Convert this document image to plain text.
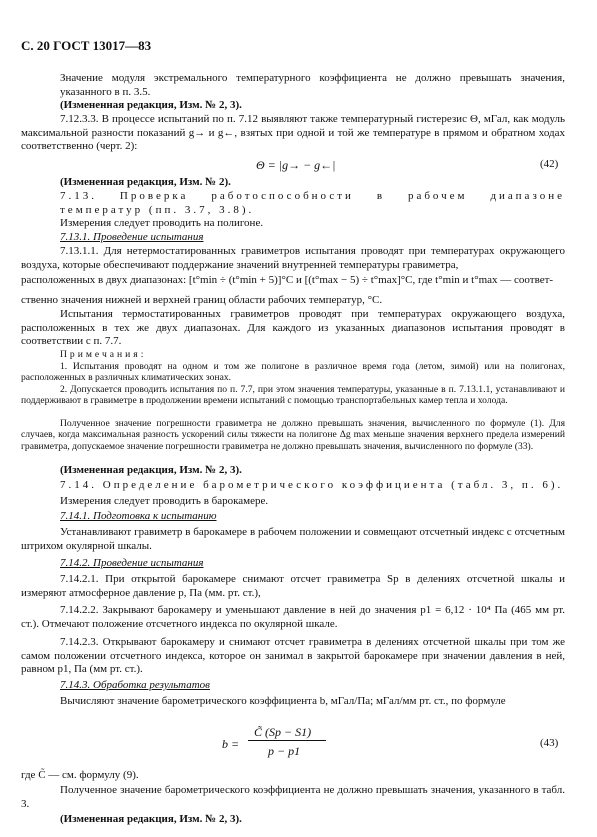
С. 20 ГОСТ 13017—83
Значение модуля экстремального температурного коэффициента не должно превышать значения, указанного в п. 3.5.
(Измененная редакция, Изм. № 2, 3).
7.12.3.3. В процессе испытаний по п. 7.12 выявляют также температурный гистерезис Θ, мГал, как модуль максимальной разности показаний g→ и g←, взятых при одной и той же температуре в прямом и обратном ходах соответственно (черт. 2):
Θ = |g→ − g←|	(42)
(Измененная редакция, Изм. № 2).
7.13. Проверка работоспособности в рабочем диапазоне температур (пп. 3.7, 3.8).
Измерения следует проводить на полигоне.
7.13.1. Проведение испытания
7.13.1.1. Для нетермостатированных гравиметров испытания проводят при температурах окружающего воздуха, которые обеспечивают поддержание значений внутренней температуры гравиметра,
расположенных в двух диапазонах: [t°min ÷ (t°min + 5)]°С и [(t°max − 5) ÷ t°max]°С, где t°min и t°max — соответ-
ственно значения нижней и верхней границ области рабочих температур, °С.
Испытания термостатированных гравиметров проводят при температурах окружающего воздуха, расположенных в тех же двух диапазонах. Для каждого из указанных диапазонов испытания проводят в соответствии с п. 7.7.
Примечания:
1. Испытания проводят на одном и том же полигоне в различное время года (летом, зимой) или на полигонах, расположенных в различных климатических зонах.
2. Допускается проводить испытания по п. 7.7, при этом значения температуры, указанные в п. 7.13.1.1, устанавливают и поддерживают в гравиметре в продолжении времени испытаний с помощью транспортабельных камер тепла и холода.
Полученное значение погрешности гравиметра не должно превышать значения, вычисленного по формуле (1). Для случаев, когда максимальная разность ускорений силы тяжести на полигоне Δg max меньше значения верхнего предела измерений гравиметра, допускаемое значение погрешности гравиметра не должно превышать значения, вычисленного по формуле (33).
(Измененная редакция, Изм. № 2, 3).
7.14. Определение барометрического коэффициента (табл. 3, п. 6).
Измерения следует проводить в барокамере.
7.14.1. Подготовка к испытанию
Устанавливают гравиметр в барокамере в рабочем положении и совмещают отсчетный индекс с отсчетным штрихом окулярной шкалы.
7.14.2. Проведение испытания
7.14.2.1. При открытой барокамере снимают отсчет гравиметра Sp в делениях отсчетной шкалы и измеряют атмосферное давление p, Па (мм. рт. ст.),
7.14.2.2. Закрывают барокамеру и уменьшают давление в ней до значения p1 = 6,12 · 10⁴ Па (465 мм рт. ст.). Отмечают положение отсчетного индекса по окулярной шкале.
7.14.2.3. Открывают барокамеру и снимают отсчет гравиметра в делениях отсчетной шкалы при том же самом положении отсчетного индекса, которое он занимал в закрытой барокамере при значении давления в ней, равном p1, Па (мм рт. ст.).
7.14.3. Обработка результатов
Вычисляют значение барометрического коэффициента b, мГал/Па; мГал/мм рт. ст., по формуле
C̃ (Sp − S1)
b = p − p1
(43)
где C̃ — см. формулу (9).
Полученное значение барометрического коэффициента не должно превышать значения, указанного в табл. 3.
(Измененная редакция, Изм. № 2, 3).
